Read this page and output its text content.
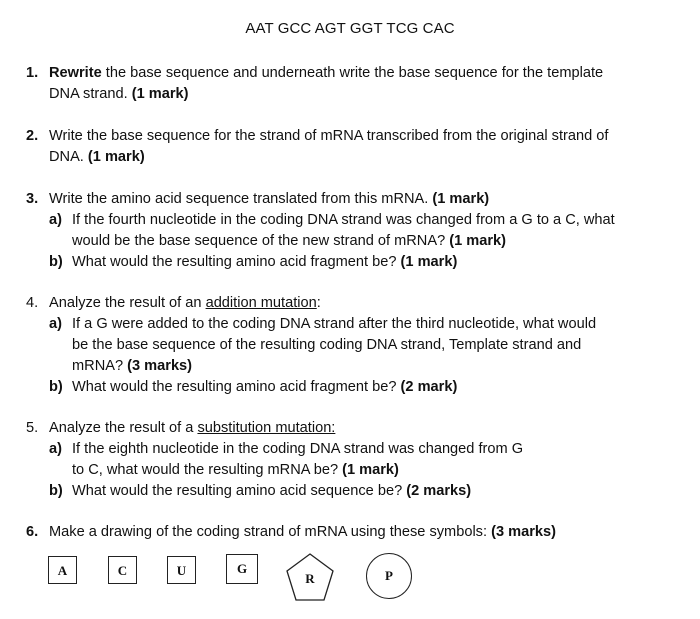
AAT GCC AGT GGT TCG CAC
1. Rewrite the base sequence and underneath write the base sequence for the template
DNA strand. (1 mark)
2. Write the base sequence for the strand of mRNA transcribed from the original strand of
DNA. (1 mark)
3. Write the amino acid sequence translated from this mRNA. (1 mark)
a) If the fourth nucleotide in the coding DNA strand was changed from a G to a C, what
would be the base sequence of the new strand of mRNA? (1 mark)
b) What would the resulting amino acid fragment be? (1 mark)
4. Analyze the result of an addition mutation:
a) If a G were added to the coding DNA strand after the third nucleotide, what would
be the base sequence of the resulting coding DNA strand, Template strand and
mRNA? (3 marks)
b) What would the resulting amino acid fragment be? (2 mark)
5. Analyze the result of a substitution mutation:
a) If the eighth nucleotide in the coding DNA strand was changed from G
to C, what would the resulting mRNA be? (1 mark)
b) What would the resulting amino acid sequence be? (2 marks)
6. Make a drawing of the coding strand of mRNA using these symbols: (3 marks)
A	C	U	G
R	P
